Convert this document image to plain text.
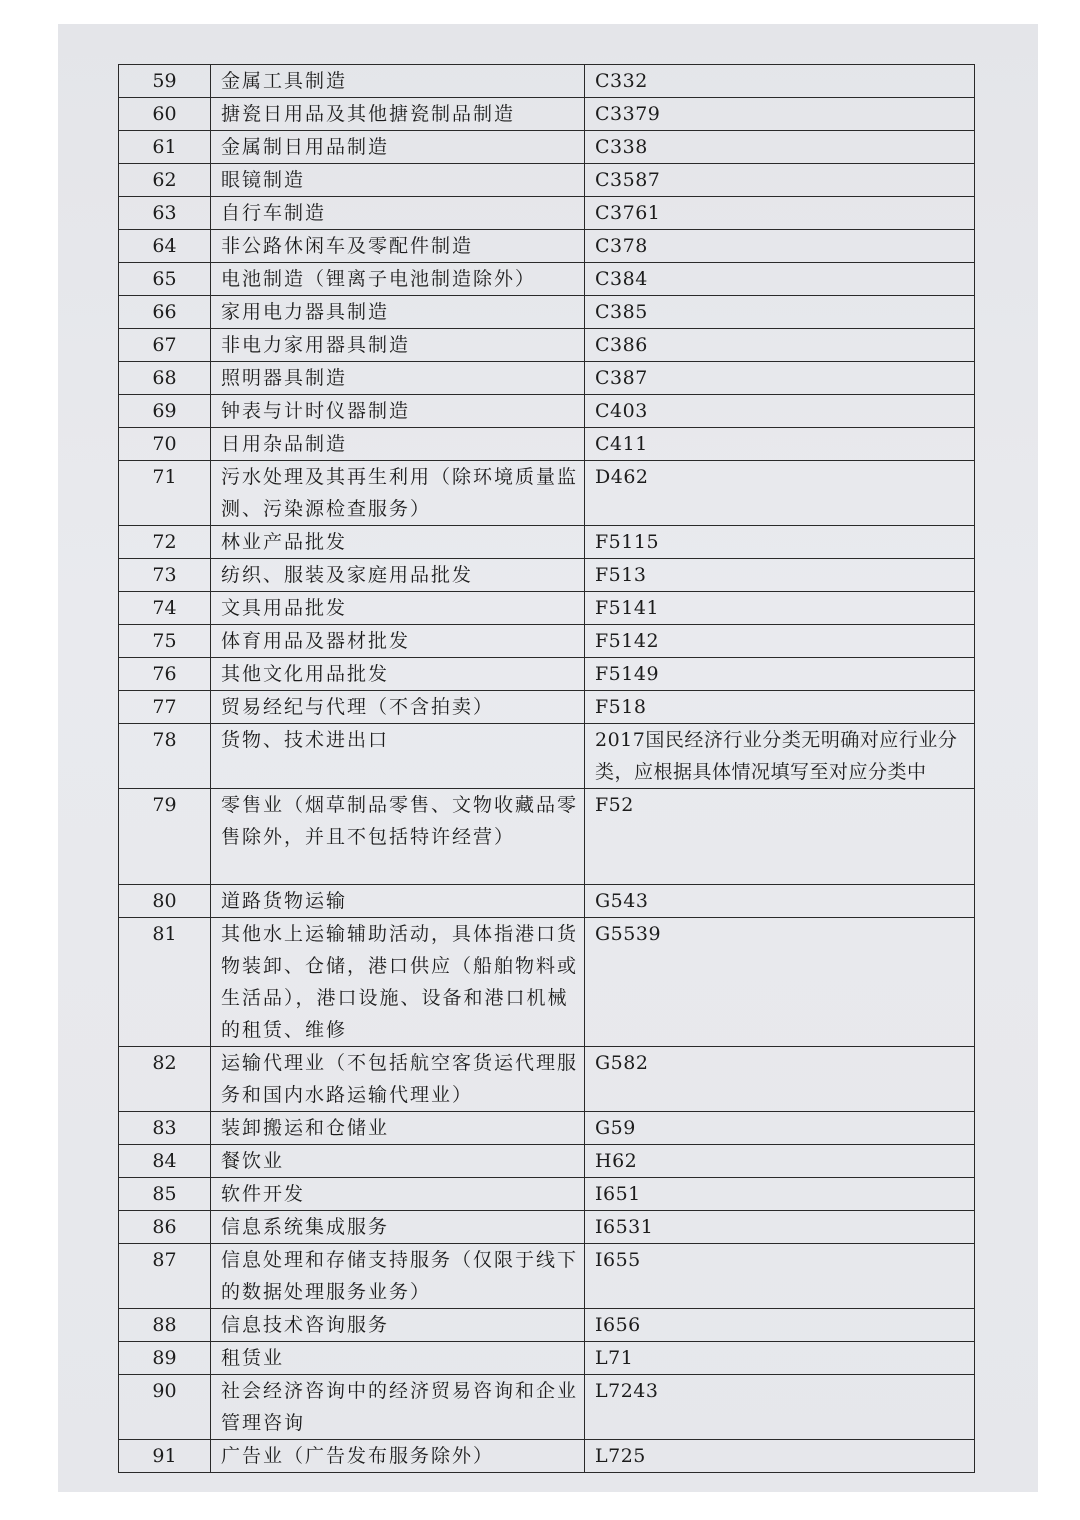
59	金属工具制造	C332
60	搪瓷日用品及其他搪瓷制品制造	C3379
61	金属制日用品制造	C338
62	眼镜制造	C3587
63	自行车制造	C3761
64	非公路休闲车及零配件制造	C378
65	电池制造（锂离子电池制造除外）	C384
66	家用电力器具制造	C385
67	非电力家用器具制造	C386
68	照明器具制造	C387
69	钟表与计时仪器制造	C403
70	日用杂品制造	C411
71	污水处理及其再生利用（除环境质量监测、污染源检查服务）	D462
72	林业产品批发	F5115
73	纺织、服装及家庭用品批发	F513
74	文具用品批发	F5141
75	体育用品及器材批发	F5142
76	其他文化用品批发	F5149
77	贸易经纪与代理（不含拍卖）	F518
78	货物、技术进出口	2017国民经济行业分类无明确对应行业分类，应根据具体情况填写至对应分类中
79	零售业（烟草制品零售、文物收藏品零售除外，并且不包括特许经营）	F52
80	道路货物运输	G543
81	其他水上运输辅助活动，具体指港口货物装卸、仓储，港口供应（船舶物料或生活品），港口设施、设备和港口机械的租赁、维修	G5539
82	运输代理业（不包括航空客货运代理服务和国内水路运输代理业）	G582
83	装卸搬运和仓储业	G59
84	餐饮业	H62
85	软件开发	I651
86	信息系统集成服务	I6531
87	信息处理和存储支持服务（仅限于线下的数据处理服务业务）	I655
88	信息技术咨询服务	I656
89	租赁业	L71
90	社会经济咨询中的经济贸易咨询和企业管理咨询	L7243
91	广告业（广告发布服务除外）	L725
